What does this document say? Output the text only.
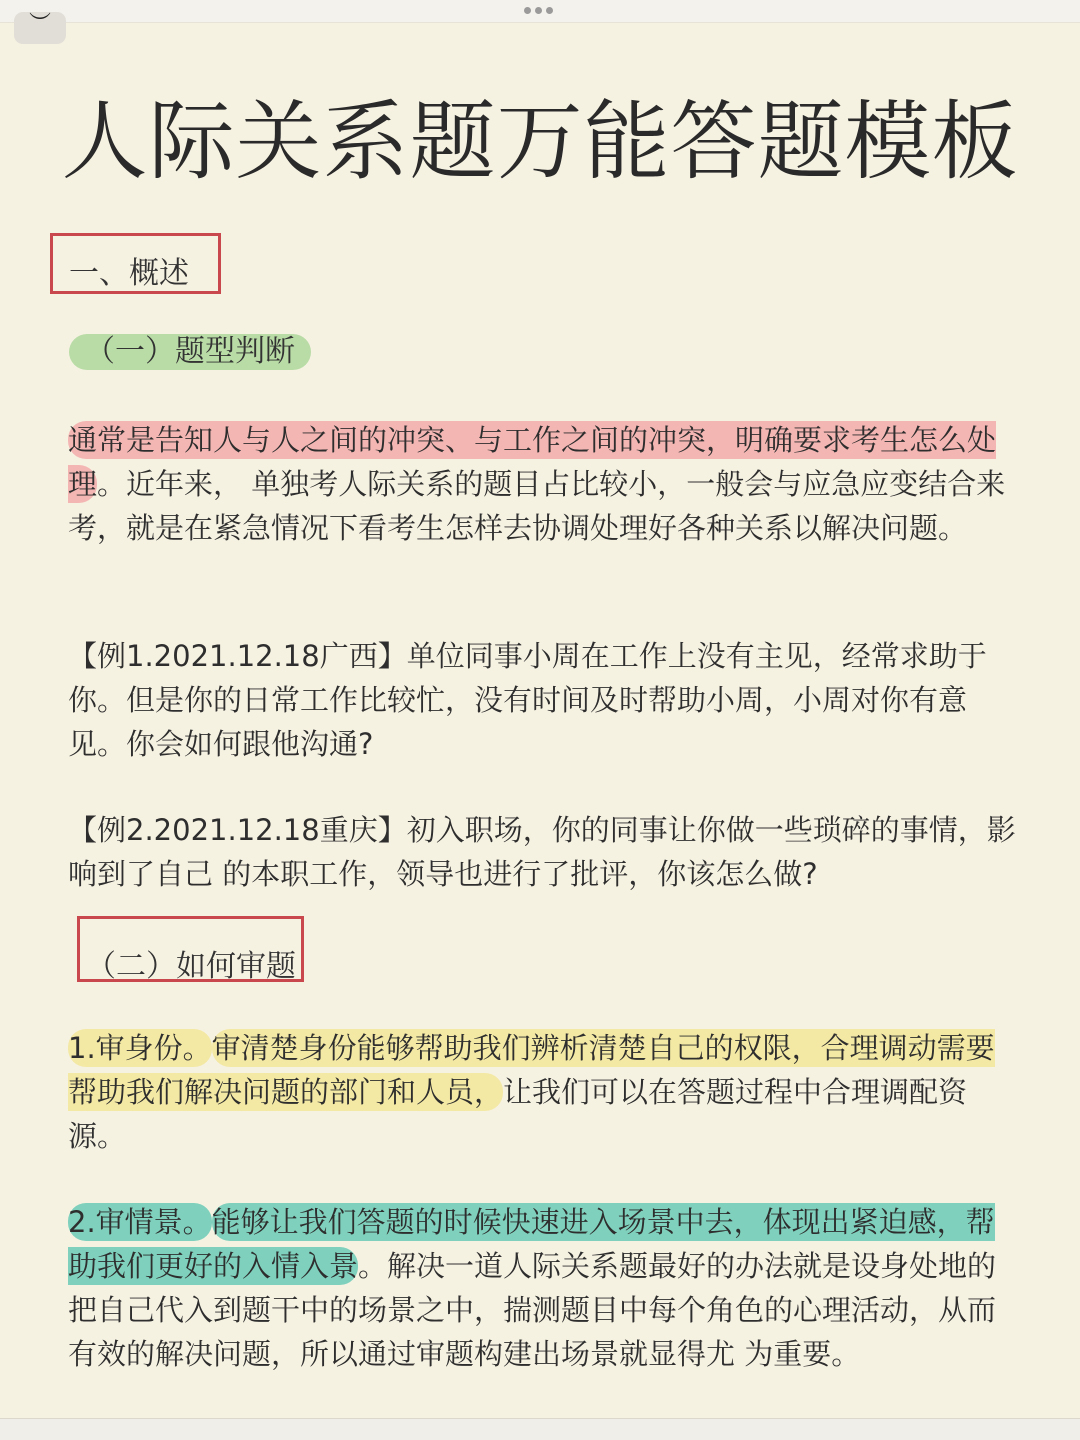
︶
人际关系题万能答题模板
一、概述
（一）题型判断

通常是告知人与人之间的冲突、与工作之间的冲突，明确要求考生怎么处理。近年来， 单独考人际关系的题目占比较小，一般会与应急应变结合来考，就是在紧急情况下看考生怎样去协调处理好各种关系以解决问题。

【例1.2021.12.18广西】单位同事小周在工作上没有主见，经常求助于你。但是你的日常工作比较忙，没有时间及时帮助小周，小周对你有意见。你会如何跟他沟通?

【例2.2021.12.18重庆】初入职场，你的同事让你做一些琐碎的事情，影响到了自己 的本职工作，领导也进行了批评，你该怎么做?

（二）如何审题

1.审身份。审清楚身份能够帮助我们辨析清楚自己的权限，合理调动需要帮助我们解决问题的部门和人员，让我们可以在答题过程中合理调配资源。

2.审情景。能够让我们答题的时候快速进入场景中去，体现出紧迫感，帮助我们更好的入情入景。解决一道人际关系题最好的办法就是设身处地的把自己代入到题干中的场景之中，揣测题目中每个角色的心理活动，从而有效的解决问题，所以通过审题构建出场景就显得尤 为重要。
